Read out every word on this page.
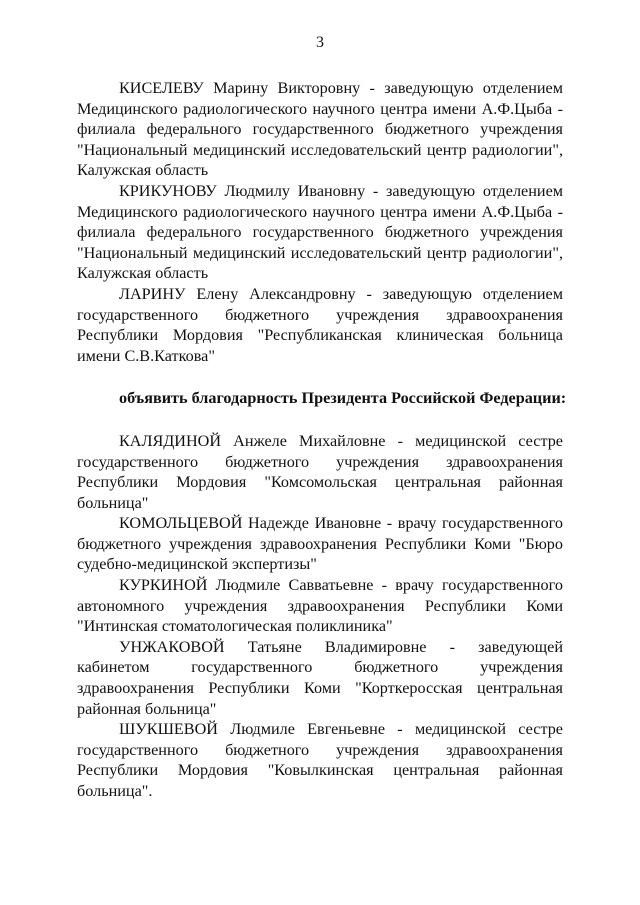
3

КИСЕЛЕВУ Марину Викторовну - заведующую отделением Медицинского радиологического научного центра имени А.Ф.Цыба - филиала федерального государственного бюджетного учреждения "Национальный медицинский исследовательский центр радиологии", Калужская область

КРИКУНОВУ Людмилу Ивановну - заведующую отделением Медицинского радиологического научного центра имени А.Ф.Цыба - филиала федерального государственного бюджетного учреждения "Национальный медицинский исследовательский центр радиологии", Калужская область

ЛАРИНУ Елену Александровну - заведующую отделением государственного бюджетного учреждения здравоохранения Республики Мордовия "Республиканская клиническая больница имени С.В.Каткова"

объявить благодарность Президента Российской Федерации:

КАЛЯДИНОЙ Анжеле Михайловне - медицинской сестре государственного бюджетного учреждения здравоохранения Республики Мордовия "Комсомольская центральная районная больница"

КОМОЛЬЦЕВОЙ Надежде Ивановне - врачу государственного бюджетного учреждения здравоохранения Республики Коми "Бюро судебно-медицинской экспертизы"

КУРКИНОЙ Людмиле Савватьевне - врачу государственного автономного учреждения здравоохранения Республики Коми "Интинская стоматологическая поликлиника"

УНЖАКОВОЙ Татьяне Владимировне - заведующей кабинетом государственного бюджетного учреждения здравоохранения Республики Коми "Корткеросская центральная районная больница"

ШУКШЕВОЙ Людмиле Евгеньевне - медицинской сестре государственного бюджетного учреждения здравоохранения Республики Мордовия "Ковылкинская центральная районная больница".
